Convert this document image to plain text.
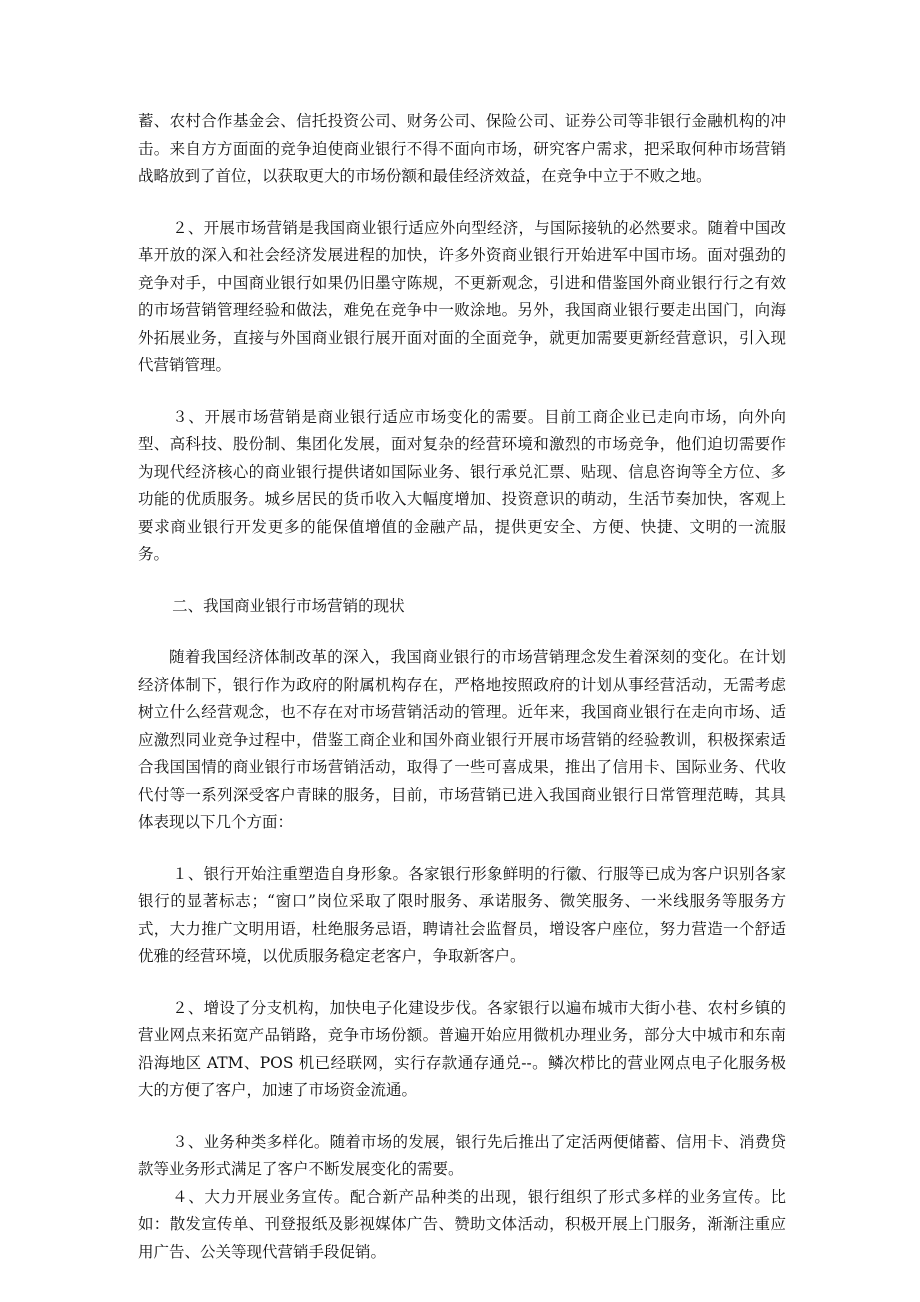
蓄、农村合作基金会、信托投资公司、财务公司、保险公司、证券公司等非银行金融机构的冲击。来自方方面面的竞争迫使商业银行不得不面向市场，研究客户需求，把采取何种市场营销战略放到了首位，以获取更大的市场份额和最佳经济效益，在竞争中立于不败之地。

２、开展市场营销是我国商业银行适应外向型经济，与国际接轨的必然要求。随着中国改革开放的深入和社会经济发展进程的加快，许多外资商业银行开始进军中国市场。面对强劲的竞争对手，中国商业银行如果仍旧墨守陈规，不更新观念，引进和借鉴国外商业银行行之有效的市场营销管理经验和做法，难免在竞争中一败涂地。另外，我国商业银行要走出国门，向海外拓展业务，直接与外国商业银行展开面对面的全面竞争，就更加需要更新经营意识，引入现代营销管理。

３、开展市场营销是商业银行适应市场变化的需要。目前工商企业已走向市场，向外向型、高科技、股份制、集团化发展，面对复杂的经营环境和激烈的市场竞争，他们迫切需要作为现代经济核心的商业银行提供诸如国际业务、银行承兑汇票、贴现、信息咨询等全方位、多功能的优质服务。城乡居民的货币收入大幅度增加、投资意识的萌动，生活节奏加快，客观上要求商业银行开发更多的能保值增值的金融产品，提供更安全、方便、快捷、文明的一流服务。

二、我国商业银行市场营销的现状

随着我国经济体制改革的深入，我国商业银行的市场营销理念发生着深刻的变化。在计划经济体制下，银行作为政府的附属机构存在，严格地按照政府的计划从事经营活动，无需考虑树立什么经营观念，也不存在对市场营销活动的管理。近年来，我国商业银行在走向市场、适应激烈同业竞争过程中，借鉴工商企业和国外商业银行开展市场营销的经验教训，积极探索适合我国国情的商业银行市场营销活动，取得了一些可喜成果，推出了信用卡、国际业务、代收代付等一系列深受客户青睐的服务，目前，市场营销已进入我国商业银行日常管理范畴，其具体表现以下几个方面：

１、银行开始注重塑造自身形象。各家银行形象鲜明的行徽、行服等已成为客户识别各家银行的显著标志；“窗口”岗位采取了限时服务、承诺服务、微笑服务、一米线服务等服务方式，大力推广文明用语，杜绝服务忌语，聘请社会监督员，增设客户座位，努力营造一个舒适优雅的经营环境，以优质服务稳定老客户，争取新客户。

２、增设了分支机构，加快电子化建设步伐。各家银行以遍布城市大街小巷、农村乡镇的营业网点来拓宽产品销路，竞争市场份额。普遍开始应用微机办理业务，部分大中城市和东南沿海地区 ATM、POS 机已经联网，实行存款通存通兑--。鳞次栉比的营业网点电子化服务极大的方便了客户，加速了市场资金流通。

３、业务种类多样化。随着市场的发展，银行先后推出了定活两便储蓄、信用卡、消费贷款等业务形式满足了客户不断发展变化的需要。

４、大力开展业务宣传。配合新产品种类的出现，银行组织了形式多样的业务宣传。比如：散发宣传单、刊登报纸及影视媒体广告、赞助文体活动，积极开展上门服务，渐渐注重应用广告、公关等现代营销手段促销。
